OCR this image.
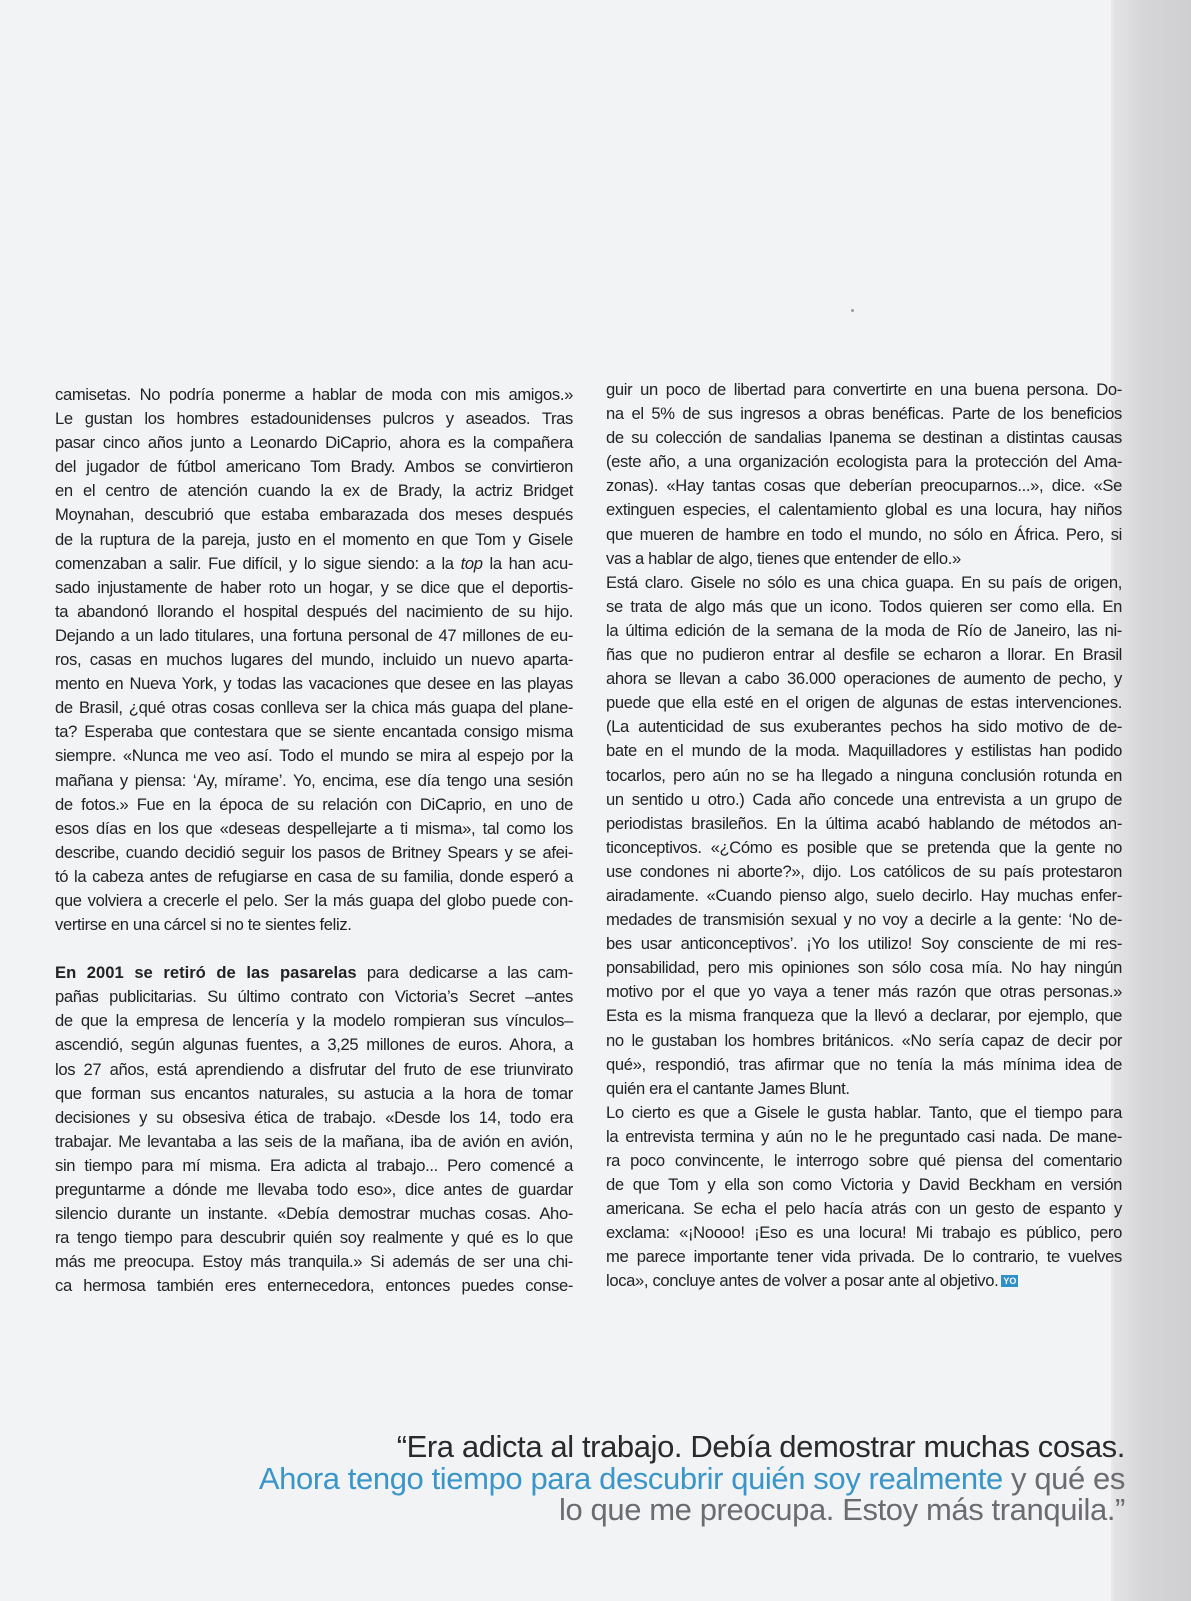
camisetas. No podría ponerme a hablar de moda con mis amigos.»
Le gustan los hombres estadounidenses pulcros y aseados. Tras
pasar cinco años junto a Leonardo DiCaprio, ahora es la compañera
del jugador de fútbol americano Tom Brady. Ambos se convirtieron
en el centro de atención cuando la ex de Brady, la actriz Bridget
Moynahan, descubrió que estaba embarazada dos meses después
de la ruptura de la pareja, justo en el momento en que Tom y Gisele
comenzaban a salir. Fue difícil, y lo sigue siendo: a la top la han acu-
sado injustamente de haber roto un hogar, y se dice que el deportis-
ta abandonó llorando el hospital después del nacimiento de su hijo.
Dejando a un lado titulares, una fortuna personal de 47 millones de eu-
ros, casas en muchos lugares del mundo, incluido un nuevo aparta-
mento en Nueva York, y todas las vacaciones que desee en las playas
de Brasil, ¿qué otras cosas conlleva ser la chica más guapa del plane-
ta? Esperaba que contestara que se siente encantada consigo misma
siempre. «Nunca me veo así. Todo el mundo se mira al espejo por la
mañana y piensa: ‘Ay, mírame’. Yo, encima, ese día tengo una sesión
de fotos.» Fue en la época de su relación con DiCaprio, en uno de
esos días en los que «deseas despellejarte a ti misma», tal como los
describe, cuando decidió seguir los pasos de Britney Spears y se afei-
tó la cabeza antes de refugiarse en casa de su familia, donde esperó a
que volviera a crecerle el pelo. Ser la más guapa del globo puede con-
vertirse en una cárcel si no te sientes feliz.
En 2001 se retiró de las pasarelas para dedicarse a las cam-
pañas publicitarias. Su último contrato con Victoria’s Secret –antes
de que la empresa de lencería y la modelo rompieran sus vínculos–
ascendió, según algunas fuentes, a 3,25 millones de euros. Ahora, a
los 27 años, está aprendiendo a disfrutar del fruto de ese triunvirato
que forman sus encantos naturales, su astucia a la hora de tomar
decisiones y su obsesiva ética de trabajo. «Desde los 14, todo era
trabajar. Me levantaba a las seis de la mañana, iba de avión en avión,
sin tiempo para mí misma. Era adicta al trabajo... Pero comencé a
preguntarme a dónde me llevaba todo eso», dice antes de guardar
silencio durante un instante. «Debía demostrar muchas cosas. Aho-
ra tengo tiempo para descubrir quién soy realmente y qué es lo que
más me preocupa. Estoy más tranquila.» Si además de ser una chi-
ca hermosa también eres enternecedora, entonces puedes conse-
guir un poco de libertad para convertirte en una buena persona. Do-
na el 5% de sus ingresos a obras benéficas. Parte de los beneficios
de su colección de sandalias Ipanema se destinan a distintas causas
(este año, a una organización ecologista para la protección del Ama-
zonas). «Hay tantas cosas que deberían preocuparnos...», dice. «Se
extinguen especies, el calentamiento global es una locura, hay niños
que mueren de hambre en todo el mundo, no sólo en África. Pero, si
vas a hablar de algo, tienes que entender de ello.»
Está claro. Gisele no sólo es una chica guapa. En su país de origen,
se trata de algo más que un icono. Todos quieren ser como ella. En
la última edición de la semana de la moda de Río de Janeiro, las ni-
ñas que no pudieron entrar al desfile se echaron a llorar. En Brasil
ahora se llevan a cabo 36.000 operaciones de aumento de pecho, y
puede que ella esté en el origen de algunas de estas intervenciones.
(La autenticidad de sus exuberantes pechos ha sido motivo de de-
bate en el mundo de la moda. Maquilladores y estilistas han podido
tocarlos, pero aún no se ha llegado a ninguna conclusión rotunda en
un sentido u otro.) Cada año concede una entrevista a un grupo de
periodistas brasileños. En la última acabó hablando de métodos an-
ticonceptivos. «¿Cómo es posible que se pretenda que la gente no
use condones ni aborte?», dijo. Los católicos de su país protestaron
airadamente. «Cuando pienso algo, suelo decirlo. Hay muchas enfer-
medades de transmisión sexual y no voy a decirle a la gente: ‘No de-
bes usar anticonceptivos’. ¡Yo los utilizo! Soy consciente de mi res-
ponsabilidad, pero mis opiniones son sólo cosa mía. No hay ningún
motivo por el que yo vaya a tener más razón que otras personas.»
Esta es la misma franqueza que la llevó a declarar, por ejemplo, que
no le gustaban los hombres británicos. «No sería capaz de decir por
qué», respondió, tras afirmar que no tenía la más mínima idea de
quién era el cantante James Blunt.
Lo cierto es que a Gisele le gusta hablar. Tanto, que el tiempo para
la entrevista termina y aún no le he preguntado casi nada. De mane-
ra poco convincente, le interrogo sobre qué piensa del comentario
de que Tom y ella son como Victoria y David Beckham en versión
americana. Se echa el pelo hacía atrás con un gesto de espanto y
exclama: «¡Noooo! ¡Eso es una locura! Mi trabajo es público, pero
me parece importante tener vida privada. De lo contrario, te vuelves
loca», concluye antes de volver a posar ante al objetivo. YO
“Era adicta al trabajo. Debía demostrar muchas cosas.
Ahora tengo tiempo para descubrir quién soy realmente y qué es
lo que me preocupa. Estoy más tranquila.”
